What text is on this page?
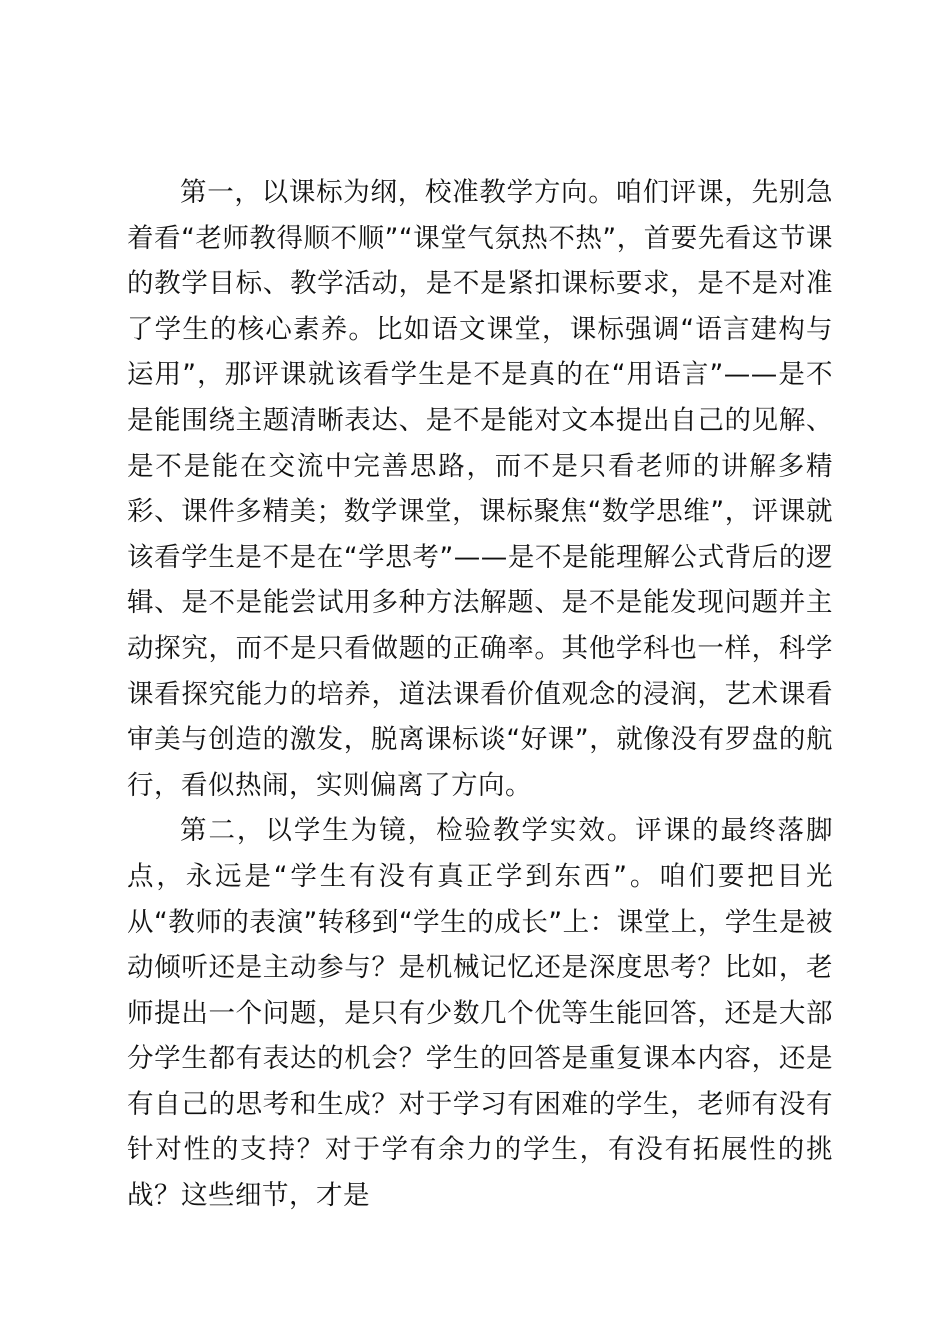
第一，以课标为纲，校准教学方向。咱们评课，先别急着看“老师教得顺不顺”“课堂气氛热不热”，首要先看这节课的教学目标、教学活动，是不是紧扣课标要求，是不是对准了学生的核心素养。比如语文课堂，课标强调“语言建构与运用”，那评课就该看学生是不是真的在“用语言”——是不是能围绕主题清晰表达、是不是能对文本提出自己的见解、是不是能在交流中完善思路，而不是只看老师的讲解多精彩、课件多精美；数学课堂，课标聚焦“数学思维”，评课就该看学生是不是在“学思考”——是不是能理解公式背后的逻辑、是不是能尝试用多种方法解题、是不是能发现问题并主动探究，而不是只看做题的正确率。其他学科也一样，科学课看探究能力的培养，道法课看价值观念的浸润，艺术课看审美与创造的激发，脱离课标谈“好课”，就像没有罗盘的航行，看似热闹，实则偏离了方向。

第二，以学生为镜，检验教学实效。评课的最终落脚点，永远是“学生有没有真正学到东西”。咱们要把目光从“教师的表演”转移到“学生的成长”上：课堂上，学生是被动倾听还是主动参与？是机械记忆还是深度思考？比如，老师提出一个问题，是只有少数几个优等生能回答，还是大部分学生都有表达的机会？学生的回答是重复课本内容，还是有自己的思考和生成？对于学习有困难的学生，老师有没有针对性的支持？对于学有余力的学生，有没有拓展性的挑战？这些细节，才是
